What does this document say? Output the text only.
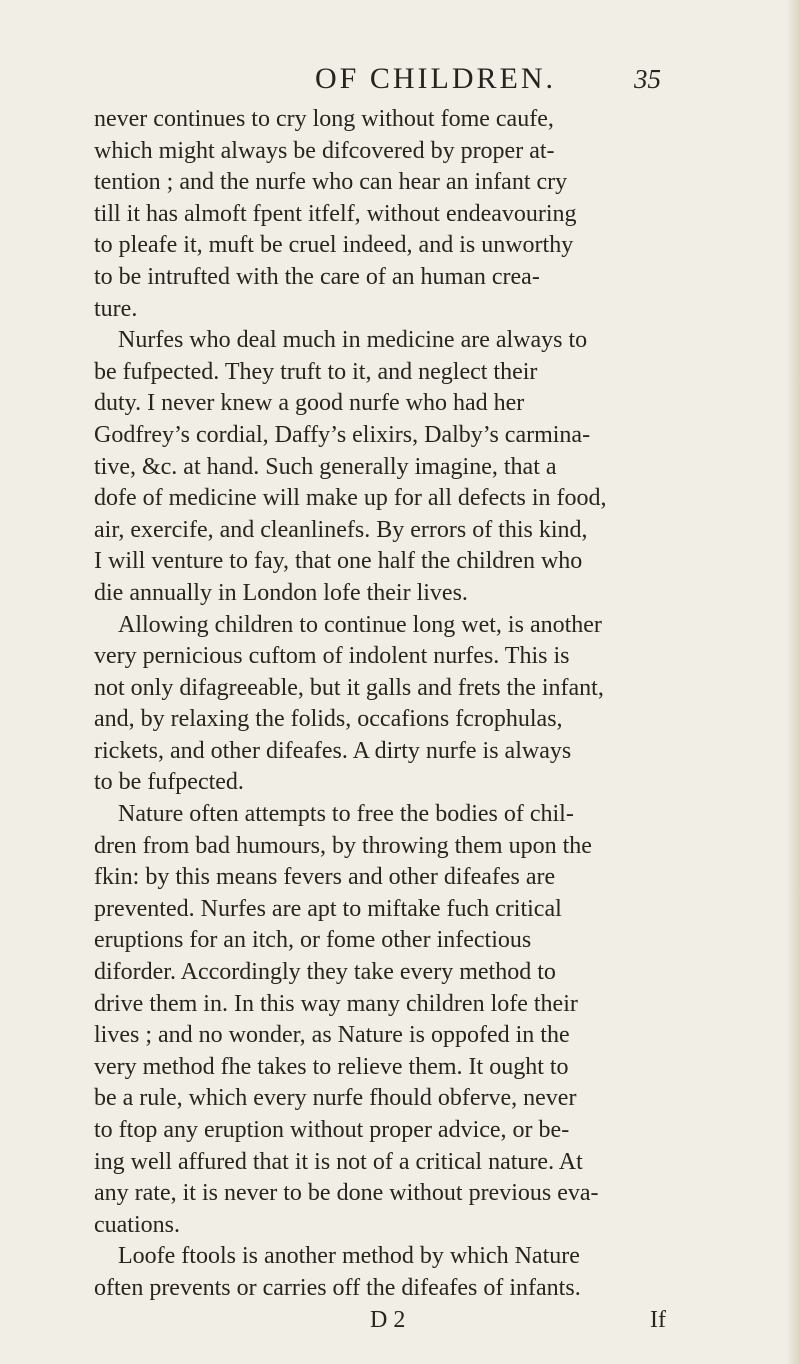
OF CHILDREN.	35
never continues to cry long without fome caufe,
which might always be difcovered by proper at-
tention ; and the nurfe who can hear an infant cry
till it has almoft fpent itfelf, without endeavouring
to pleafe it, muft be cruel indeed, and is unworthy
to be intrufted with the care of an human crea-
ture.
Nurfes who deal much in medicine are always to
be fufpected. They truft to it, and neglect their
duty. I never knew a good nurfe who had her
Godfrey’s cordial, Daffy’s elixirs, Dalby’s carmina-
tive, &c. at hand. Such generally imagine, that a
dofe of medicine will make up for all defects in food,
air, exercife, and cleanlinefs. By errors of this kind,
I will venture to fay, that one half the children who
die annually in London lofe their lives.
Allowing children to continue long wet, is another
very pernicious cuftom of indolent nurfes. This is
not only difagreeable, but it galls and frets the infant,
and, by relaxing the folids, occafions fcrophulas,
rickets, and other difeafes. A dirty nurfe is always
to be fufpected.
Nature often attempts to free the bodies of chil-
dren from bad humours, by throwing them upon the
fkin: by this means fevers and other difeafes are
prevented. Nurfes are apt to miftake fuch critical
eruptions for an itch, or fome other infectious
diforder. Accordingly they take every method to
drive them in. In this way many children lofe their
lives ; and no wonder, as Nature is oppofed in the
very method fhe takes to relieve them. It ought to
be a rule, which every nurfe fhould obferve, never
to ftop any eruption without proper advice, or be-
ing well affured that it is not of a critical nature. At
any rate, it is never to be done without previous eva-
cuations.
Loofe ftools is another method by which Nature
often prevents or carries off the difeafes of infants.
D 2	If
